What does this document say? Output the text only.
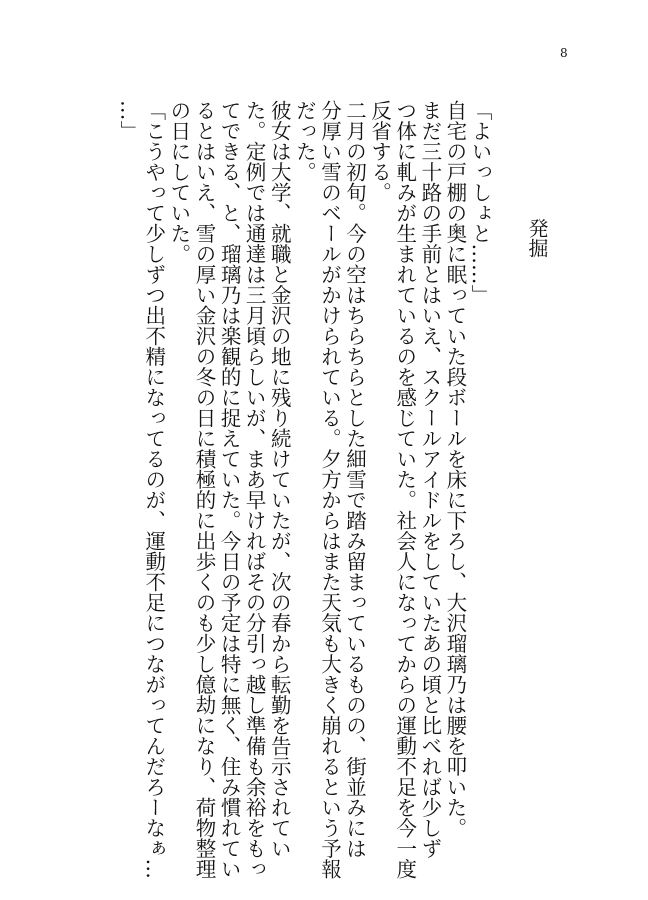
8
発掘

「よいっしょと……」

自宅の戸棚の奥に眠っていた段ボールを床に下ろし、大沢瑠璃乃は腰を叩いた。

まだ三十路の手前とはいえ、スクールアイドルをしていたあの頃と比べれば少しず

つ体に軋みが生まれているのを感じていた。社会人になってからの運動不足を今一度

反省する。

二月の初旬。今の空はちらちらとした細雪で踏み留まっているものの、街並みには

分厚い雪のベールがかけられている。夕方からはまた天気も大きく崩れるという予報

だった。

彼女は大学、就職と金沢の地に残り続けていたが、次の春から転勤を告示されてい

た。定例では通達は三月頃らしいが、まあ早ければその分引っ越し準備も余裕をもっ

てできる、と、瑠璃乃は楽観的に捉えていた。今日の予定は特に無く、住み慣れてい

るとはいえ、雪の厚い金沢の冬の日に積極的に出歩くのも少し億劫になり、荷物整理

の日にしていた。

「こうやって少しずつ出不精になってるのが、運動不足につながってんだろーなぁ…

…」
